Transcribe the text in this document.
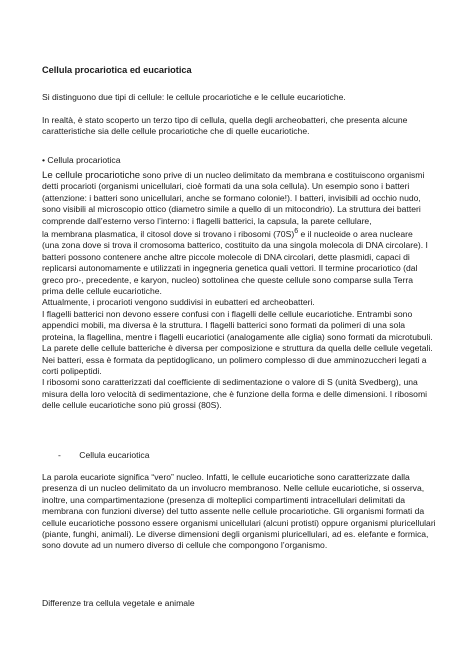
Cellula procariotica ed eucariotica

Si distinguono due tipi di cellule: le cellule procariotiche e le cellule eucariotiche.

In realtà, è stato scoperto un terzo tipo di cellula, quella degli archeobatteri, che presenta alcune caratteristiche sia delle cellule procariotiche che di quelle eucariotiche.

• Cellula procariotica

Le cellule procariotiche sono prive di un nucleo delimitato da membrana e costituiscono organismi

detti procarioti (organismi unicellulari, cioè formati da una sola cellula). Un esempio sono i batteri (attenzione: i batteri sono unicellulari, anche se formano colonie!). I batteri, invisibili ad occhio nudo, sono visibili al microscopio ottico (diametro simile a quello di un mitocondrio). La struttura dei batteri comprende dall’esterno verso l’interno: i flagelli batterici, la capsula, la parete cellulare,

la membrana plasmatica, il citosol dove si trovano i ribosomi $(70S)^6$ e il nucleoide o area nucleare

(una zona dove si trova il cromosoma batterico, costituito da una singola molecola di DNA circolare). I batteri possono contenere anche altre piccole molecole di DNA circolari, dette plasmidi, capaci di replicarsi autonomamente e utilizzati in ingegneria genetica quali vettori. Il termine procariotico (dal greco pro-, precedente, e karyon, nucleo) sottolinea che queste cellule sono comparse sulla Terra prima delle cellule eucariotiche.

Attualmente, i procarioti vengono suddivisi in eubatteri ed archeobatteri.

I flagelli batterici non devono essere confusi con i flagelli delle cellule eucariotiche. Entrambi sono appendici mobili, ma diversa è la struttura. I flagelli batterici sono formati da polimeri di una sola proteina, la flagellina, mentre i flagelli eucariotici (analogamente alle ciglia) sono formati da microtubuli.

La parete delle cellule batteriche è diversa per composizione e struttura da quella delle cellule vegetali. Nei batteri, essa è formata da peptidoglicano, un polimero complesso di due amminozuccheri legati a corti polipeptidi.

I ribosomi sono caratterizzati dal coefficiente di sedimentazione o valore di S (unità Svedberg), una misura della loro velocità di sedimentazione, che è funzione della forma e delle dimensioni. I ribosomi delle cellule eucariotiche sono più grossi (80S).

- Cellula eucariotica

La parola eucariote significa “vero” nucleo. Infatti, le cellule eucariotiche sono caratterizzate dalla presenza di un nucleo delimitato da un involucro membranoso. Nelle cellule eucariotiche, si osserva, inoltre, una compartimentazione (presenza di molteplici compartimenti intracellulari delimitati da membrana con funzioni diverse) del tutto assente nelle cellule procariotiche. Gli organismi formati da cellule eucariotiche possono essere organismi unicellulari (alcuni protisti) oppure organismi pluricellulari (piante, funghi, animali). Le diverse dimensioni degli organismi pluricellulari, ad es. elefante e formica, sono dovute ad un numero diverso di cellule che compongono l’organismo.

Differenze tra cellula vegetale e animale
